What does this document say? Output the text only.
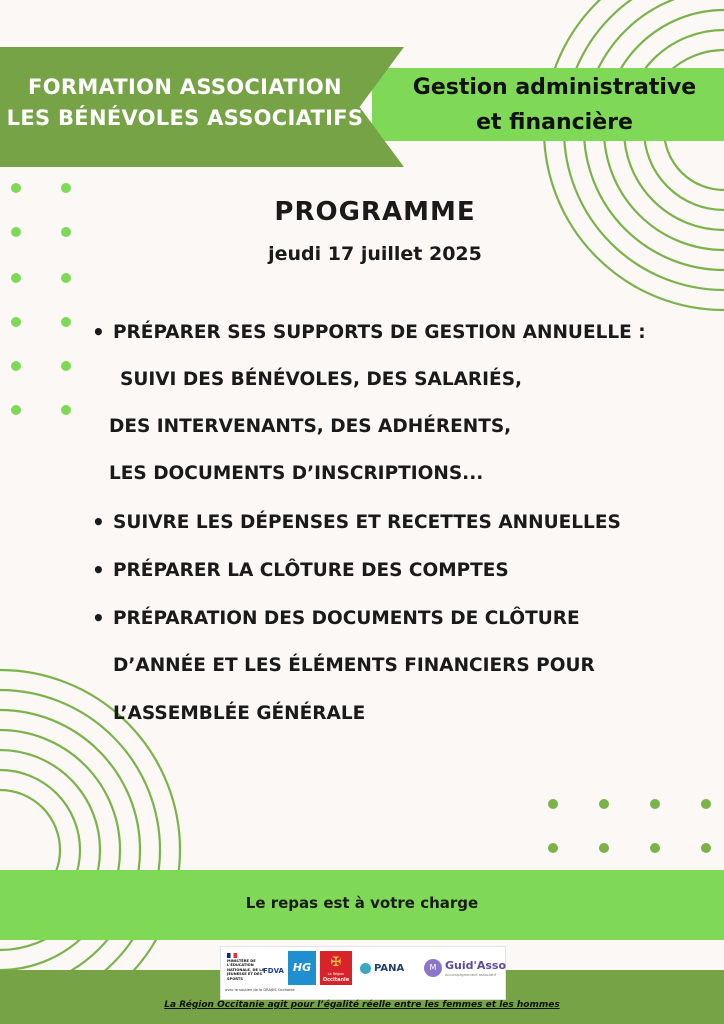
Gestion administrative
et financière
FORMATION ASSOCIATION
LES BÉNÉVOLES ASSOCIATIFS
PROGRAMME
jeudi 17 juillet 2025
• PRÉPARER SES SUPPORTS DE GESTION ANNUELLE :
SUIVI DES BÉNÉVOLES, DES SALARIÉS,
DES INTERVENANTS, DES ADHÉRENTS,
LES DOCUMENTS D’INSCRIPTIONS...
• SUIVRE LES DÉPENSES ET RECETTES ANNUELLES
• PRÉPARER LA CLÔTURE DES COMPTES
• PRÉPARATION DES DOCUMENTS DE CLÔTURE
D’ANNÉE ET LES ÉLÉMENTS FINANCIERS POUR
L’ASSEMBLÉE GÉNÉRALE
Le repas est à votre charge
MINISTÈRE DE L'ÉDUCATION NATIONALE, DE LA JEUNESSE ET DES SPORTS
FDVA
avec le soutien de la DRAJES Occitanie
HG	✠
La Région
Occitanie
PANA	M Guid'Asso
Accompagnement associatif
La Région Occitanie agit pour l’égalité réelle entre les femmes et les hommes
